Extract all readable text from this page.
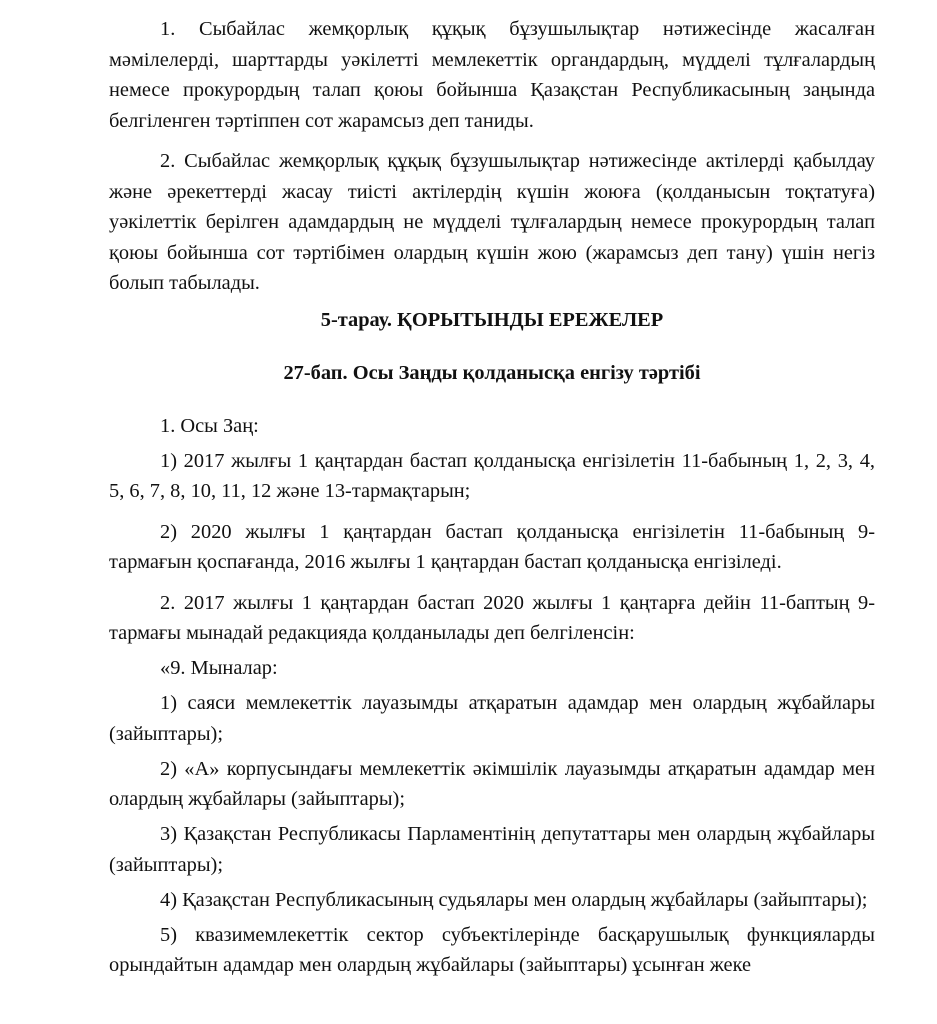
1. Сыбайлас жемқорлық құқық бұзушылықтар нәтижесінде жасалған мәмілелерді, шарттарды уәкілетті мемлекеттік органдардың, мүдделі тұлғалардың немесе прокурордың талап қоюы бойынша Қазақстан Республикасының заңында белгіленген тәртіппен сот жарамсыз деп таниды.

2. Сыбайлас жемқорлық құқық бұзушылықтар нәтижесінде актілерді қабылдау және әрекеттерді жасау тиісті актілердің күшін жоюға (қолданысын тоқтатуға) уәкілеттік берілген адамдардың не мүдделі тұлғалардың немесе прокурордың талап қоюы бойынша сот тәртібімен олардың күшін жою (жарамсыз деп тану) үшін негіз болып табылады.

5-тарау. ҚОРЫТЫНДЫ ЕРЕЖЕЛЕР
27-бап. Осы Заңды қолданысқа енгізу тәртібі

1. Осы Заң:

1) 2017 жылғы 1 қаңтардан бастап қолданысқа енгізілетін 11-бабының 1, 2, 3, 4, 5, 6, 7, 8, 10, 11, 12 және 13-тармақтарын;

2) 2020 жылғы 1 қаңтардан бастап қолданысқа енгізілетін 11-бабының 9-тармағын қоспағанда, 2016 жылғы 1 қаңтардан бастап қолданысқа енгізіледі.

2. 2017 жылғы 1 қаңтардан бастап 2020 жылғы 1 қаңтарға дейін 11-баптың 9-тармағы мынадай редакцияда қолданылады деп белгіленсін:

«9. Мыналар:

1) саяси мемлекеттік лауазымды атқаратын адамдар мен олардың жұбайлары (зайыптары);

2) «А» корпусындағы мемлекеттік әкімшілік лауазымды атқаратын адамдар мен олардың жұбайлары (зайыптары);

3) Қазақстан Республикасы Парламентінің депутаттары мен олардың жұбайлары (зайыптары);

4) Қазақстан Республикасының судьялары мен олардың жұбайлары (зайыптары);

5) квазимемлекеттік сектор субъектілерінде басқарушылық функцияларды орындайтын адамдар мен олардың жұбайлары (зайыптары) ұсынған жеке
